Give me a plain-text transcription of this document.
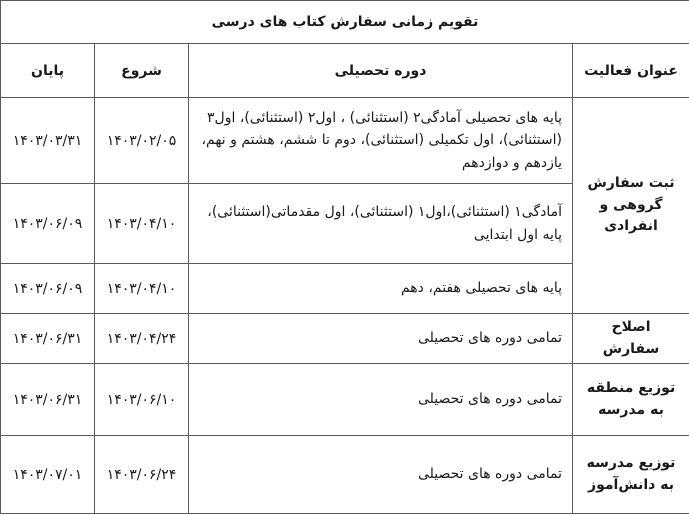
تقویم زمانی سفارش کتاب های درسی			
عنوان فعالیت	دوره تحصیلی	شروع	پایان
ثبت سفارش گروهی و انفرادی	پایه های تحصیلی آمادگی۲ (استثنائی) ، اول۲ (استثنائی)، اول۳ (استثنائی)، اول تکمیلی (استثنائی)، دوم تا ششم، هشتم و نهم، یازدهم و دوازدهم	۱۴۰۳/۰۲/۰۵	۱۴۰۳/۰۳/۳۱
	آمادگی۱ (استثنائی)،اول۱ (استثنائی)، اول مقدماتی(استثنائی)، پایه اول ابتدایی	۱۴۰۳/۰۴/۱۰	۱۴۰۳/۰۶/۰۹
	پایه های تحصیلی هفتم، دهم	۱۴۰۳/۰۴/۱۰	۱۴۰۳/۰۶/۰۹
اصلاح سفارش	تمامی دوره های تحصیلی	۱۴۰۳/۰۴/۲۴	۱۴۰۳/۰۶/۳۱
توزیع منطقه به مدرسه	تمامی دوره های تحصیلی	۱۴۰۳/۰۶/۱۰	۱۴۰۳/۰۶/۳۱
توزیع مدرسه به دانش‌آموز	تمامی دوره های تحصیلی	۱۴۰۳/۰۶/۲۴	۱۴۰۳/۰۷/۰۱
